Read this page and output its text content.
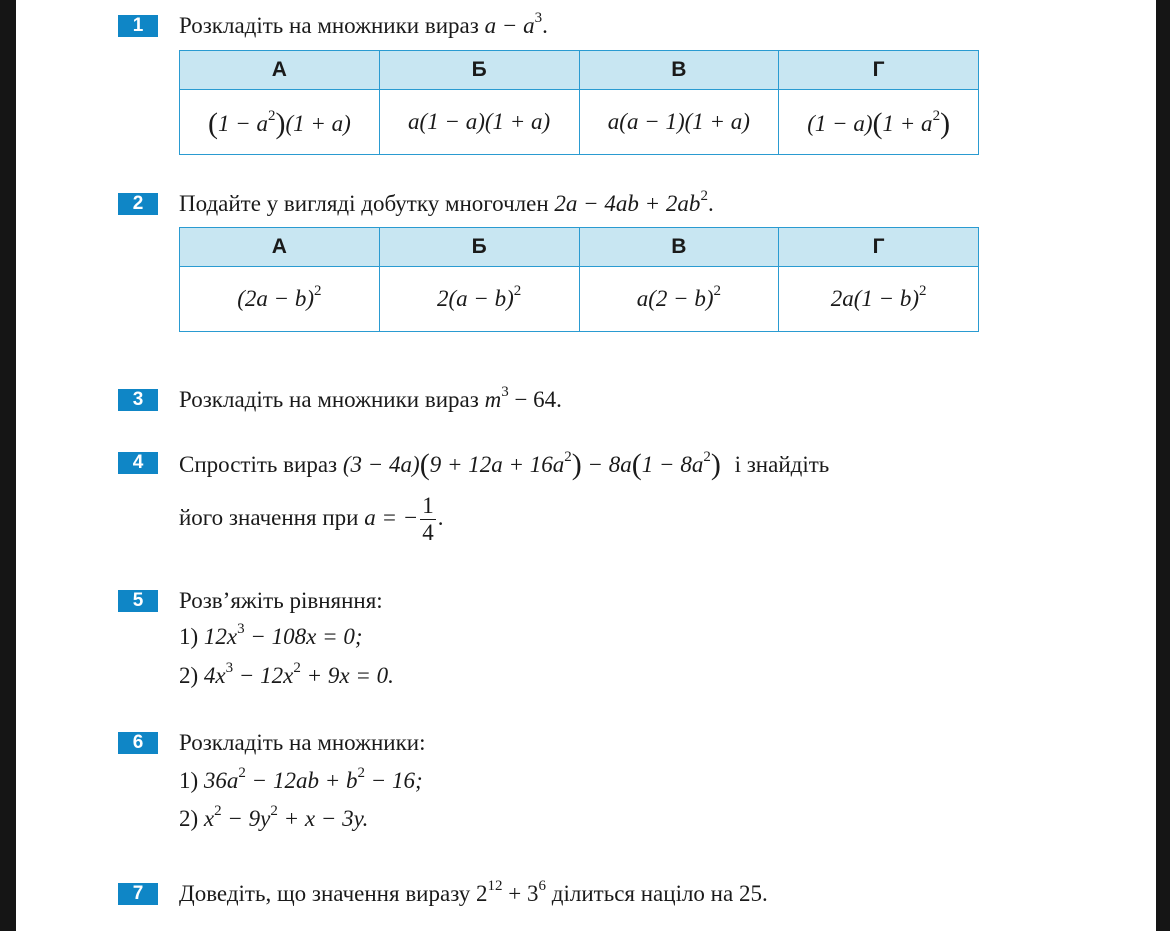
1	Розкладіть на множники вираз $a - a^3$.
А	Б	В	Г
$(1 - a^2)(1 + a)$	a(1 − a)(1 + a)	a(a − 1)(1 + a)	$(1 - a)(1 + a^2)$
2	Подайте у вигляді добутку многочлен $2a - 4ab + 2ab^2$.
А	Б	В	Г
$(2a - b)^2$	$2(a - b)^2$	$a(2 - b)^2$	$2a(1 - b)^2$
3	Розкладіть на множники вираз $m^3 - 64$.
4	Спростіть вираз $(3 - 4a)(9 + 12a + 16a^2) - 8a(1 - 8a^2)$ і знайдіть
його значення при a = − $\frac{1}{4}$ .
5	Розв’яжіть рівняння:
1) $12x^3 - 108x = 0$;
2) $4x^3 - 12x^2 + 9x = 0$.
6	Розкладіть на множники:
1) $36a^2 - 12ab + b^2 - 16$;
2) $x^2 - 9y^2 + x - 3y$.
7	Доведіть, що значення виразу $2^{12} + 3^6$ ділиться націло на 25.
